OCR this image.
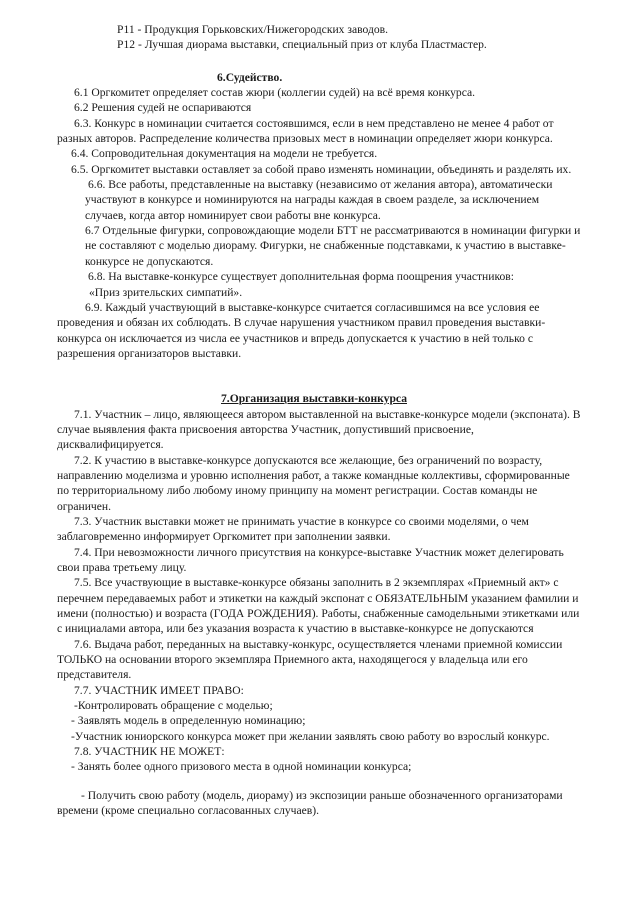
Р11 - Продукция Горьковских/Нижегородских заводов.

Р12 - Лучшая диорама выставки, специальный приз от клуба Пластмастер.

6.Судейство.

6.1 Оргкомитет определяет состав жюри (коллегии судей) на всё время конкурса.

6.2 Решения судей не оспариваются

6.3. Конкурс в номинации считается состоявшимся, если в нем представлено не менее 4 работ от разных авторов. Распределение количества призовых мест в номинации определяет жюри конкурса.

6.4. Сопроводительная документация на модели не требуется.

6.5. Оргкомитет выставки оставляет за собой право изменять номинации, объединять и разделять их.

6.6. Все работы, представленные на выставку (независимо от желания автора), автоматически участвуют в конкурсе и номинируются на награды каждая в своем разделе, за исключением случаев, когда автор номинирует свои работы вне конкурса.

6.7 Отдельные фигурки, сопровождающие модели БТТ не рассматриваются в номинации фигурки и не составляют с моделью диораму. Фигурки, не снабженные подставками, к участию в выставке-конкурсе не допускаются.

6.8. На выставке-конкурсе существует дополнительная форма поощрения участников:

«Приз зрительских симпатий».

6.9. Каждый участвующий в выставке-конкурсе считается согласившимся на все условия ее проведения и обязан их соблюдать. В случае нарушения участником правил проведения выставки-конкурса он исключается из числа ее участников и впредь допускается к участию в ней только с разрешения организаторов выставки.

7.Организация выставки-конкурса

7.1. Участник – лицо, являющееся автором выставленной на выставке-конкурсе модели (экспоната). В случае выявления факта присвоения авторства Участник, допустивший присвоение, дисквалифицируется.

7.2. К участию в выставке-конкурсе допускаются все желающие, без ограничений по возрасту, направлению моделизма и уровню исполнения работ, а также командные коллективы, сформированные по территориальному либо любому иному принципу на момент регистрации. Состав команды не ограничен.

7.3. Участник выставки может не принимать участие в конкурсе со своими моделями, о чем заблаговременно информирует Оргкомитет при заполнении заявки.

7.4. При невозможности личного присутствия на конкурсе-выставке Участник может делегировать свои права третьему лицу.

7.5. Все участвующие в выставке-конкурсе обязаны заполнить в 2 экземплярах «Приемный акт» с перечнем передаваемых работ и этикетки на каждый экспонат с ОБЯЗАТЕЛЬНЫМ указанием фамилии и имени (полностью) и возраста (ГОДА РОЖДЕНИЯ). Работы, снабженные самодельными этикетками или с инициалами автора, или без указания возраста к участию в выставке-конкурсе не допускаются

7.6. Выдача работ, переданных на выставку-конкурс, осуществляется членами приемной комиссии ТОЛЬКО на основании второго экземпляра Приемного акта, находящегося у владельца или его представителя.

7.7. УЧАСТНИК ИМЕЕТ ПРАВО:

-Контролировать обращение с моделью;

- Заявлять модель в определенную номинацию;

-Участник юниорского конкурса может при желании заявлять свою работу во взрослый конкурс.

7.8. УЧАСТНИК НЕ МОЖЕТ:

- Занять более одного призового места в одной номинации конкурса;

- Получить свою работу (модель, диораму) из экспозиции раньше обозначенного организаторами времени (кроме специально согласованных случаев).
